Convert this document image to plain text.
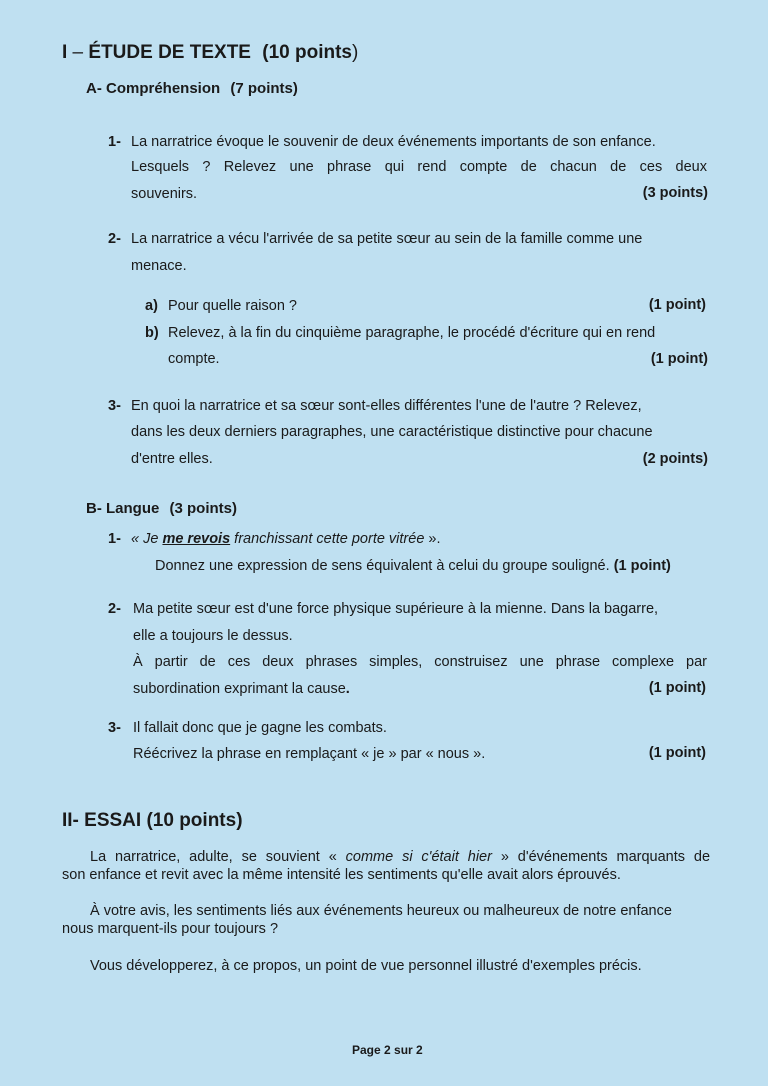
I – ÉTUDE DE TEXTE (10 points)
A- Compréhension (7 points)
1- La narratrice évoque le souvenir de deux événements importants de son enfance.
Lesquels ? Relevez une phrase qui rend compte de chacun de ces deux
souvenirs.	(3 points)
2- La narratrice a vécu l'arrivée de sa petite sœur au sein de la famille comme une
menace.
a) Pour quelle raison ?	(1 point)
b) Relevez, à la fin du cinquième paragraphe, le procédé d'écriture qui en rend
compte.	(1 point)
3- En quoi la narratrice et sa sœur sont-elles différentes l'une de l'autre ? Relevez,
dans les deux derniers paragraphes, une caractéristique distinctive pour chacune
d'entre elles.	(2 points)
B- Langue (3 points)
1- « Je me revois franchissant cette porte vitrée ».
Donnez une expression de sens équivalent à celui du groupe souligné. (1 point)
2- Ma petite sœur est d'une force physique supérieure à la mienne. Dans la bagarre,
elle a toujours le dessus.
À partir de ces deux phrases simples, construisez une phrase complexe par
subordination exprimant la cause.	(1 point)
3- Il fallait donc que je gagne les combats.
Réécrivez la phrase en remplaçant « je » par « nous ».	(1 point)
II- ESSAI (10 points)
La narratrice, adulte, se souvient « comme si c'était hier » d'événements marquants de
son enfance et revit avec la même intensité les sentiments qu'elle avait alors éprouvés.
À votre avis, les sentiments liés aux événements heureux ou malheureux de notre enfance
nous marquent-ils pour toujours ?
Vous développerez, à ce propos, un point de vue personnel illustré d'exemples précis.
Page 2 sur 2
